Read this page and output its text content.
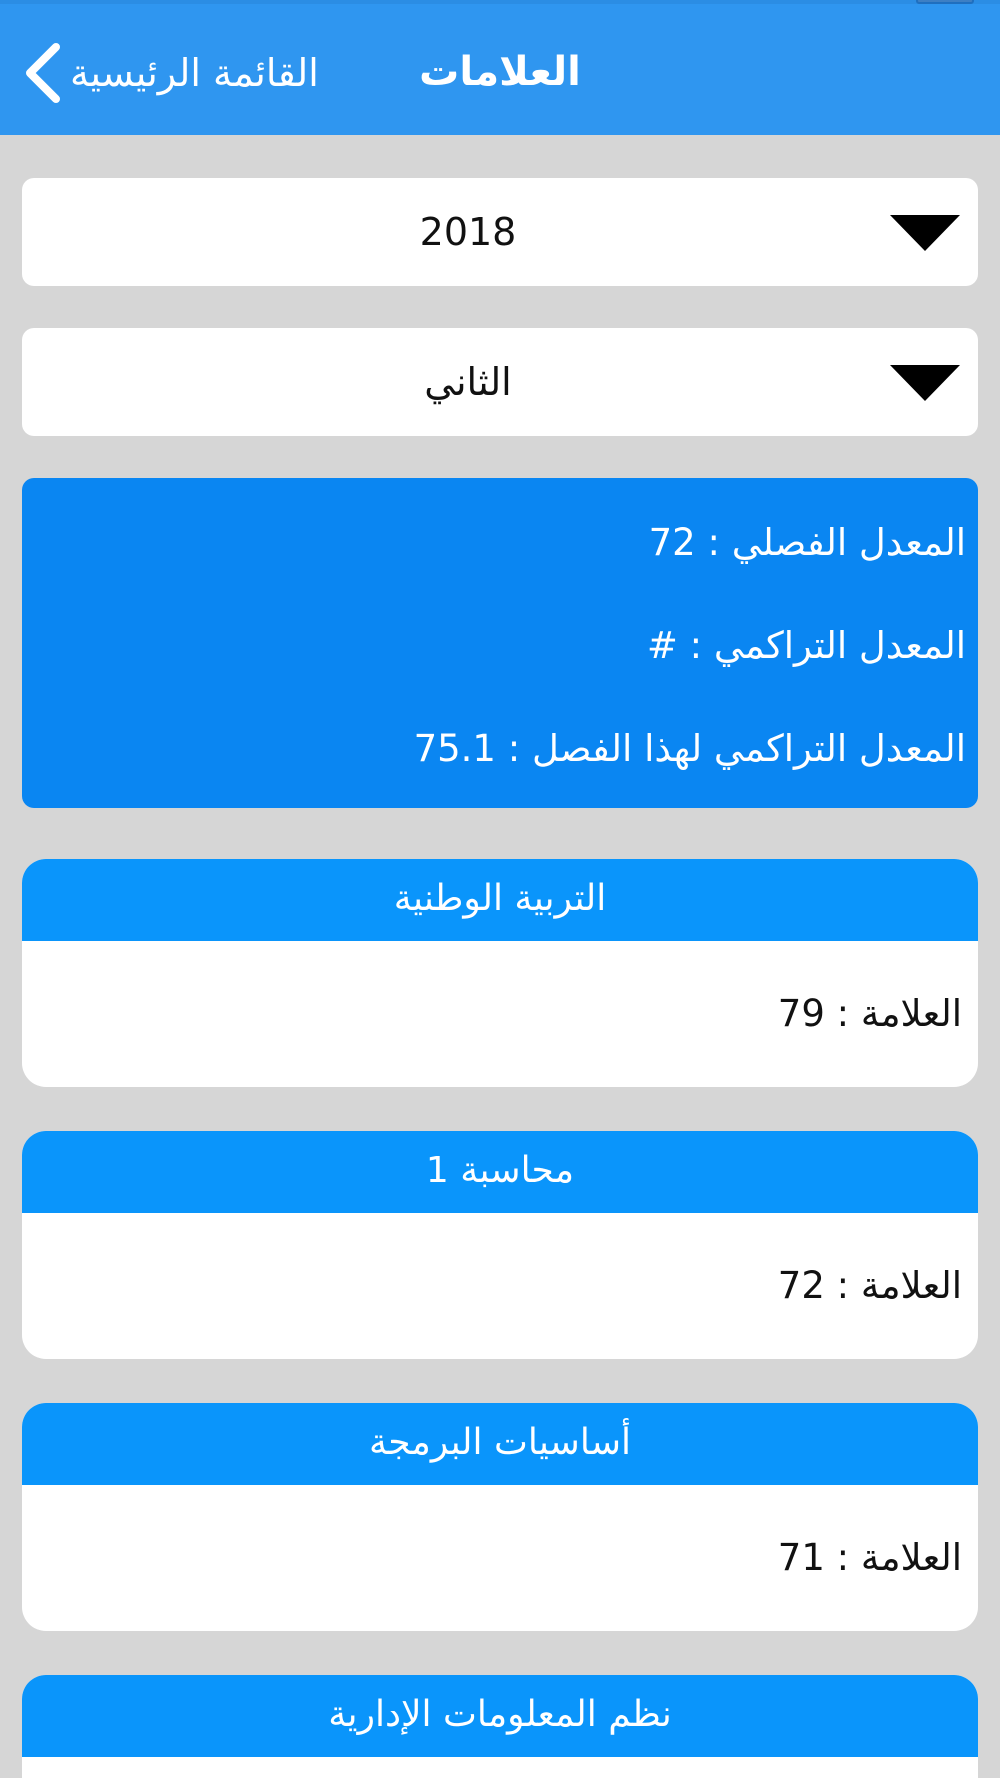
القائمة الرئيسية	العلامات
2018
الثاني
المعدل الفصلي : 72
المعدل التراكمي : #
المعدل التراكمي لهذا الفصل : 75.1
التربية الوطنية
العلامة : 79
محاسبة 1
العلامة : 72
أساسيات البرمجة
العلامة : 71
نظم المعلومات الإدارية
